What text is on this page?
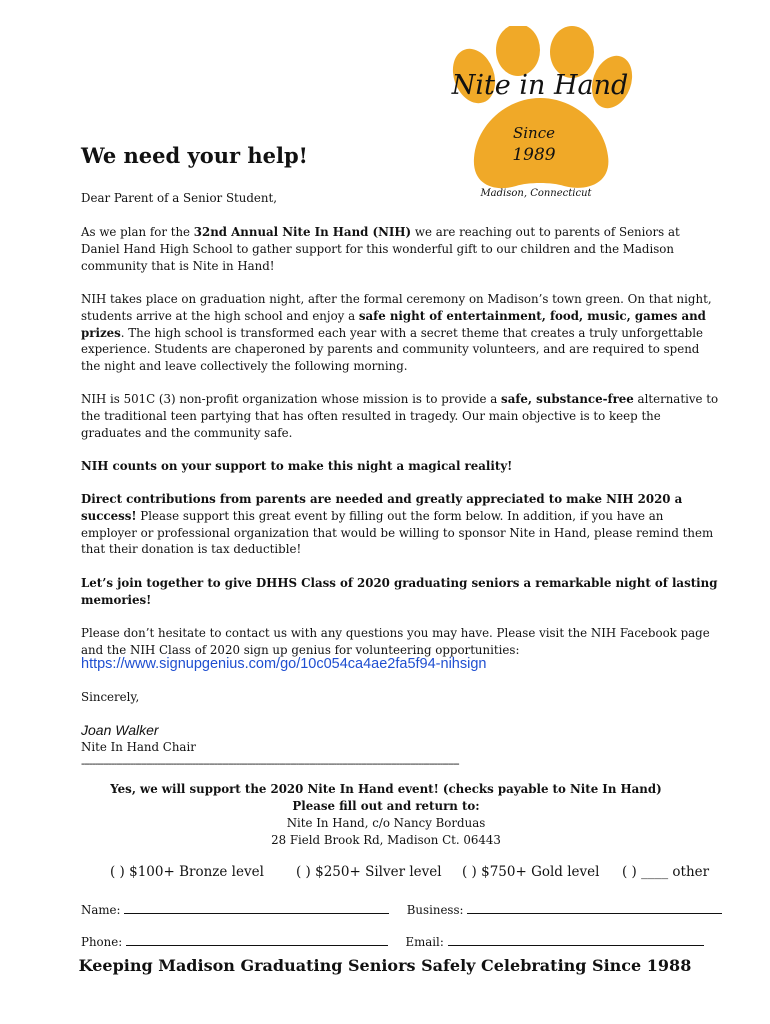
Nite in Hand
Since
1989
Madison, Connecticut
We need your help!

Dear Parent of a Senior Student,

As we plan for the 32nd Annual Nite In Hand (NIH) we are reaching out to parents of Seniors at Daniel Hand High School to gather support for this wonderful gift to our children and the Madison community that is Nite in Hand!

NIH takes place on graduation night, after the formal ceremony on Madison’s town green. On that night, students arrive at the high school and enjoy a safe night of entertainment, food, music, games and prizes. The high school is transformed each year with a secret theme that creates a truly unforgettable experience. Students are chaperoned by parents and community volunteers, and are required to spend the night and leave collectively the following morning.

NIH is 501C (3) non-profit organization whose mission is to provide a safe, substance-free alternative to the traditional teen partying that has often resulted in tragedy. Our main objective is to keep the graduates and the community safe.

NIH counts on your support to make this night a magical reality!

Direct contributions from parents are needed and greatly appreciated to make NIH 2020 a success! Please support this great event by filling out the form below. In addition, if you have an employer or professional organization that would be willing to sponsor Nite in Hand, please remind them that their donation is tax deductible!

Let’s join together to give DHHS Class of 2020 graduating seniors a remarkable night of lasting memories!

Please don’t hesitate to contact us with any questions you may have. Please visit the NIH Facebook page and the NIH Class of 2020 sign up genius for volunteering opportunities:

https://www.signupgenius.com/go/10c054ca4ae2fa5f94-nihsign
Sincerely,
Joan Walker
Nite In Hand Chair
-------------------------------------------------------------------------------------------------------------------------------------------
Yes, we will support the 2020 Nite In Hand event! (checks payable to Nite In Hand)
Please fill out and return to:
Nite In Hand, c/o Nancy Borduas
28 Field Brook Rd, Madison Ct. 06443
( ) $100+ Bronze level ( ) $250+ Silver level ( ) $750+ Gold level ( ) ____ other
Name:	Business:
Phone:	Email:
Keeping Madison Graduating Seniors Safely Celebrating Since 1988
